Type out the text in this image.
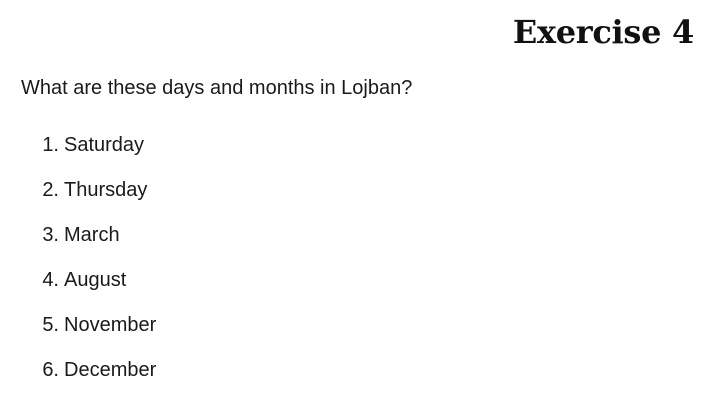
Exercise 4

What are these days and months in Lojban?

1. Saturday
2. Thursday
3. March
4. August
5. November
6. December
